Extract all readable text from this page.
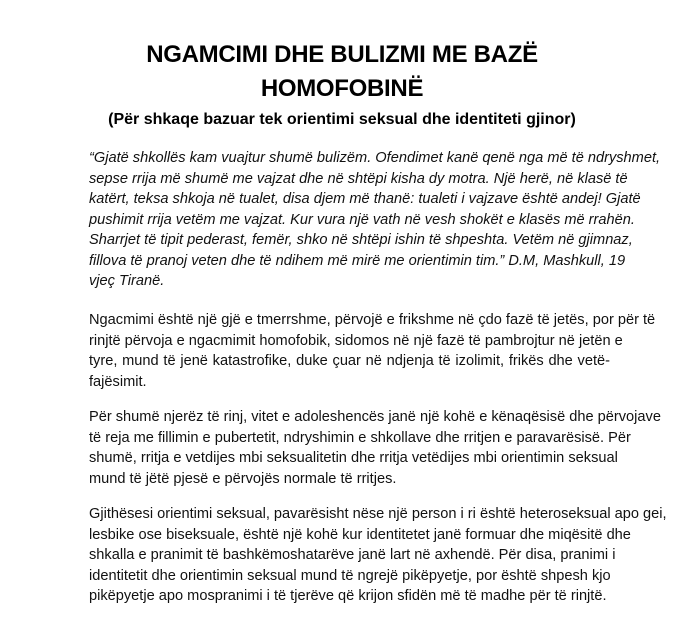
NGAMCIMI DHE BULIZMI ME BAZË
HOMOFOBINË

(Për shkaqe bazuar tek orientimi seksual dhe identiteti gjinor)

“Gjatë shkollës kam vuajtur shumë bulizëm. Ofendimet kanë qenë nga më të ndryshmet,
sepse rrija më shumë me vajzat dhe në shtëpi kisha dy motra. Një herë, në klasë të
katërt, teksa shkoja në tualet, disa djem më thanë: tualeti i vajzave është andej! Gjatë
pushimit rrija vetëm me vajzat. Kur vura një vath në vesh shokët e klasës më rrahën.
Sharrjet të tipit pederast, femër, shko në shtëpi ishin të shpeshta. Vetëm në gjimnaz,
fillova të pranoj veten dhe të ndihem më mirë me orientimin tim.” D.M, Mashkull, 19
vjeç Tiranë.

Ngacmimi është një gjë e tmerrshme, përvojë e frikshme në çdo fazë të jetës, por për të
rinjtë përvoja e ngacmimit homofobik, sidomos në një fazë të pambrojtur në jetën e
tyre, mund të jenë katastrofike, duke çuar në ndjenja të izolimit, frikës dhe vetë-
fajësimit.

Për shumë njerëz të rinj, vitet e adoleshencës janë një kohë e kënaqësisë dhe përvojave
të reja me fillimin e pubertetit, ndryshimin e shkollave dhe rritjen e paravarësisë. Për
shumë, rritja e vetdijes mbi seksualitetin dhe rritja vetëdijes mbi orientimin seksual
mund të jëtë pjesë e përvojës normale të rritjes.

Gjithësesi orientimi seksual, pavarësisht nëse një person i ri është heteroseksual apo gei,
lesbike ose biseksuale, është një kohë kur identitetet janë formuar dhe miqësitë dhe
shkalla e pranimit të bashkëmoshatarëve janë lart në axhendë. Për disa, pranimi i
identitetit dhe orientimin seksual mund të ngrejë pikëpyetje, por është shpesh kjo
pikëpyetje apo mospranimi i të tjerëve që krijon sfidën më të madhe për të rinjtë.
